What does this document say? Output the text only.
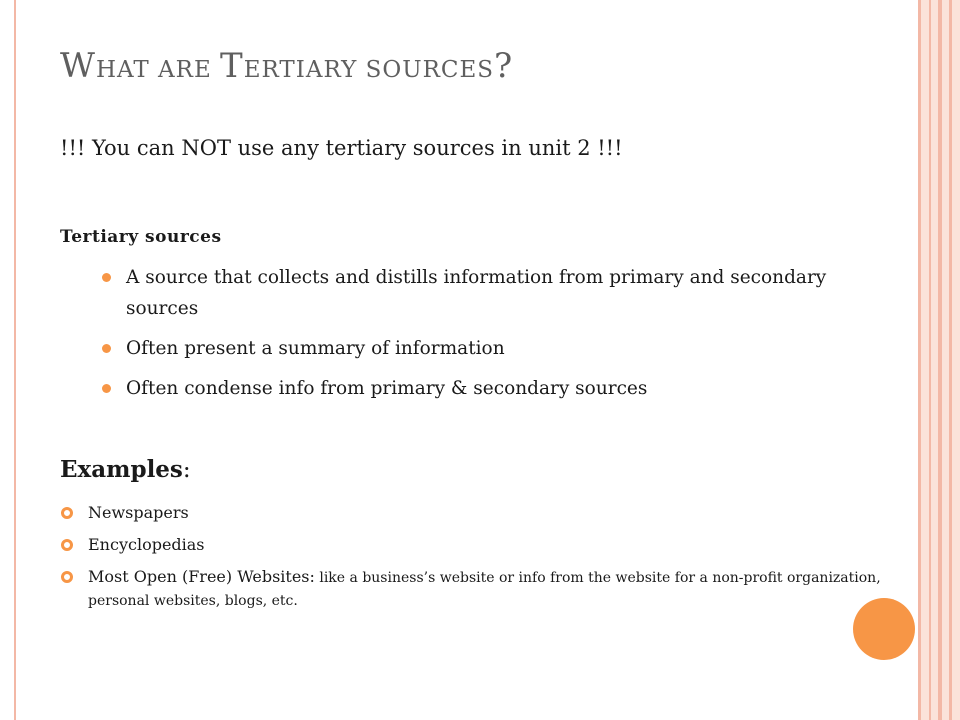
WHAT ARE TERTIARY SOURCES?

!!! You can NOT use any tertiary sources in unit 2 !!!

Tertiary sources

A source that collects and distills information from primary and secondary sources
Often present a summary of information
Often condense info from primary & secondary sources

Examples:

Newspapers
Encyclopedias
Most Open (Free) Websites: like a business’s website or info from the website for a non-profit organization, personal websites, blogs, etc.
